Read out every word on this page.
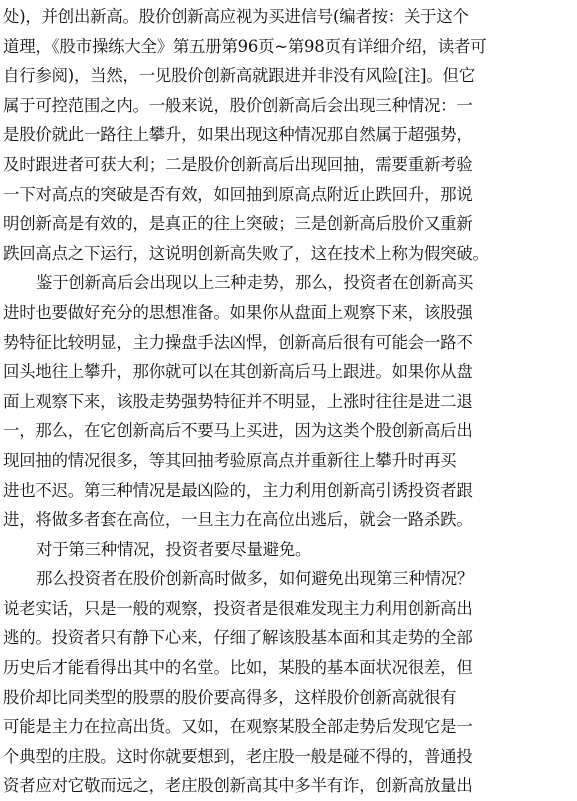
处)，并创出新高。股价创新高应视为买进信号(编者按：关于这个
道理，《股市操练大全》第五册第96页~第98页有详细介绍，读者可
自行参阅)，当然，一见股价创新高就跟进并非没有风险[注]。但它
属于可控范围之内。一般来说，股价创新高后会出现三种情况：一
是股价就此一路往上攀升，如果出现这种情况那自然属于超强势，
及时跟进者可获大利；二是股价创新高后出现回抽，需要重新考验
一下对高点的突破是否有效，如回抽到原高点附近止跌回升，那说
明创新高是有效的，是真正的往上突破；三是创新高后股价又重新
跌回高点之下运行，这说明创新高失败了，这在技术上称为假突破。
鉴于创新高后会出现以上三种走势，那么，投资者在创新高买
进时也要做好充分的思想准备。如果你从盘面上观察下来，该股强
势特征比较明显，主力操盘手法凶悍，创新高后很有可能会一路不
回头地往上攀升，那你就可以在其创新高后马上跟进。如果你从盘
面上观察下来，该股走势强势特征并不明显，上涨时往往是进二退
一，那么，在它创新高后不要马上买进，因为这类个股创新高后出
现回抽的情况很多，等其回抽考验原高点并重新往上攀升时再买
进也不迟。第三种情况是最凶险的，主力利用创新高引诱投资者跟
进，将做多者套在高位，一旦主力在高位出逃后，就会一路杀跌。
对于第三种情况，投资者要尽量避免。
那么投资者在股价创新高时做多，如何避免出现第三种情况？
说老实话，只是一般的观察，投资者是很难发现主力利用创新高出
逃的。投资者只有静下心来，仔细了解该股基本面和其走势的全部
历史后才能看得出其中的名堂。比如，某股的基本面状况很差，但
股价却比同类型的股票的股价要高得多，这样股价创新高就很有
可能是主力在拉高出货。又如，在观察某股全部走势后发现它是一
个典型的庄股。这时你就要想到，老庄股一般是碰不得的，普通投
资者应对它敬而远之，老庄股创新高其中多半有诈，创新高放量出
